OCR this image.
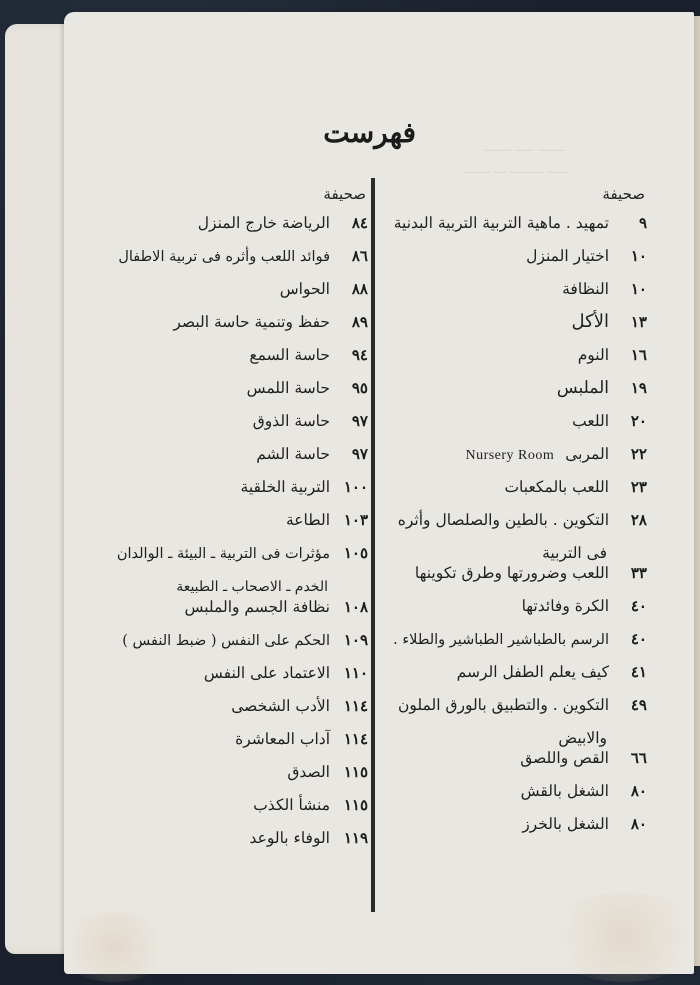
ـــــــ ـــــ ـــــــ
ـــــ ـــــــــ ـــ ـــــــ
فهرست
صحيفة
٩
تمهيد . ماهية التربية التربية البدنية
١٠
اختيار المنزل
١٠
النظافة
١٣
الأكل
١٦
النوم
١٩
الملبس
٢٠
اللعب
٢٢
المربى Nursery Room
٢٣
اللعب بالمكعبات
٢٨
التكوين . بالطين والصلصال وأثره
فى التربية
٣٣
اللعب وضرورتها وطرق تكوينها
٤٠
الكرة وفائدتها
٤٠
الرسم بالطباشير الطباشير والطلاء .
٤١
كيف يعلم الطفل الرسم
٤٩
التكوين . والتطبيق بالورق الملون
والابيض
٦٦
القص واللصق
٨٠
الشغل بالقش
٨٠
الشغل بالخرز
صحيفة
٨٤
الرياضة خارج المنزل
٨٦
فوائد اللعب وأثره فى تربية الاطفال
٨٨
الحواس
٨٩
حفظ وتنمية حاسة البصر
٩٤
حاسة السمع
٩٥
حاسة اللمس
٩٧
حاسة الذوق
٩٧
حاسة الشم
١٠٠
التربية الخلقية
١٠٣
الطاعة
١٠٥
مؤثرات فى التربية ـ البيئة ـ الوالدان
الخدم ـ الاصحاب ـ الطبيعة
١٠٨
نظافة الجسم والملبس
١٠٩
الحكم على النفس ( ضبط النفس )
١١٠
الاعتماد على النفس
١١٤
الأدب الشخصى
١١٤
آداب المعاشرة
١١٥
الصدق
١١٥
منشأ الكذب
١١٩
الوفاء بالوعد
